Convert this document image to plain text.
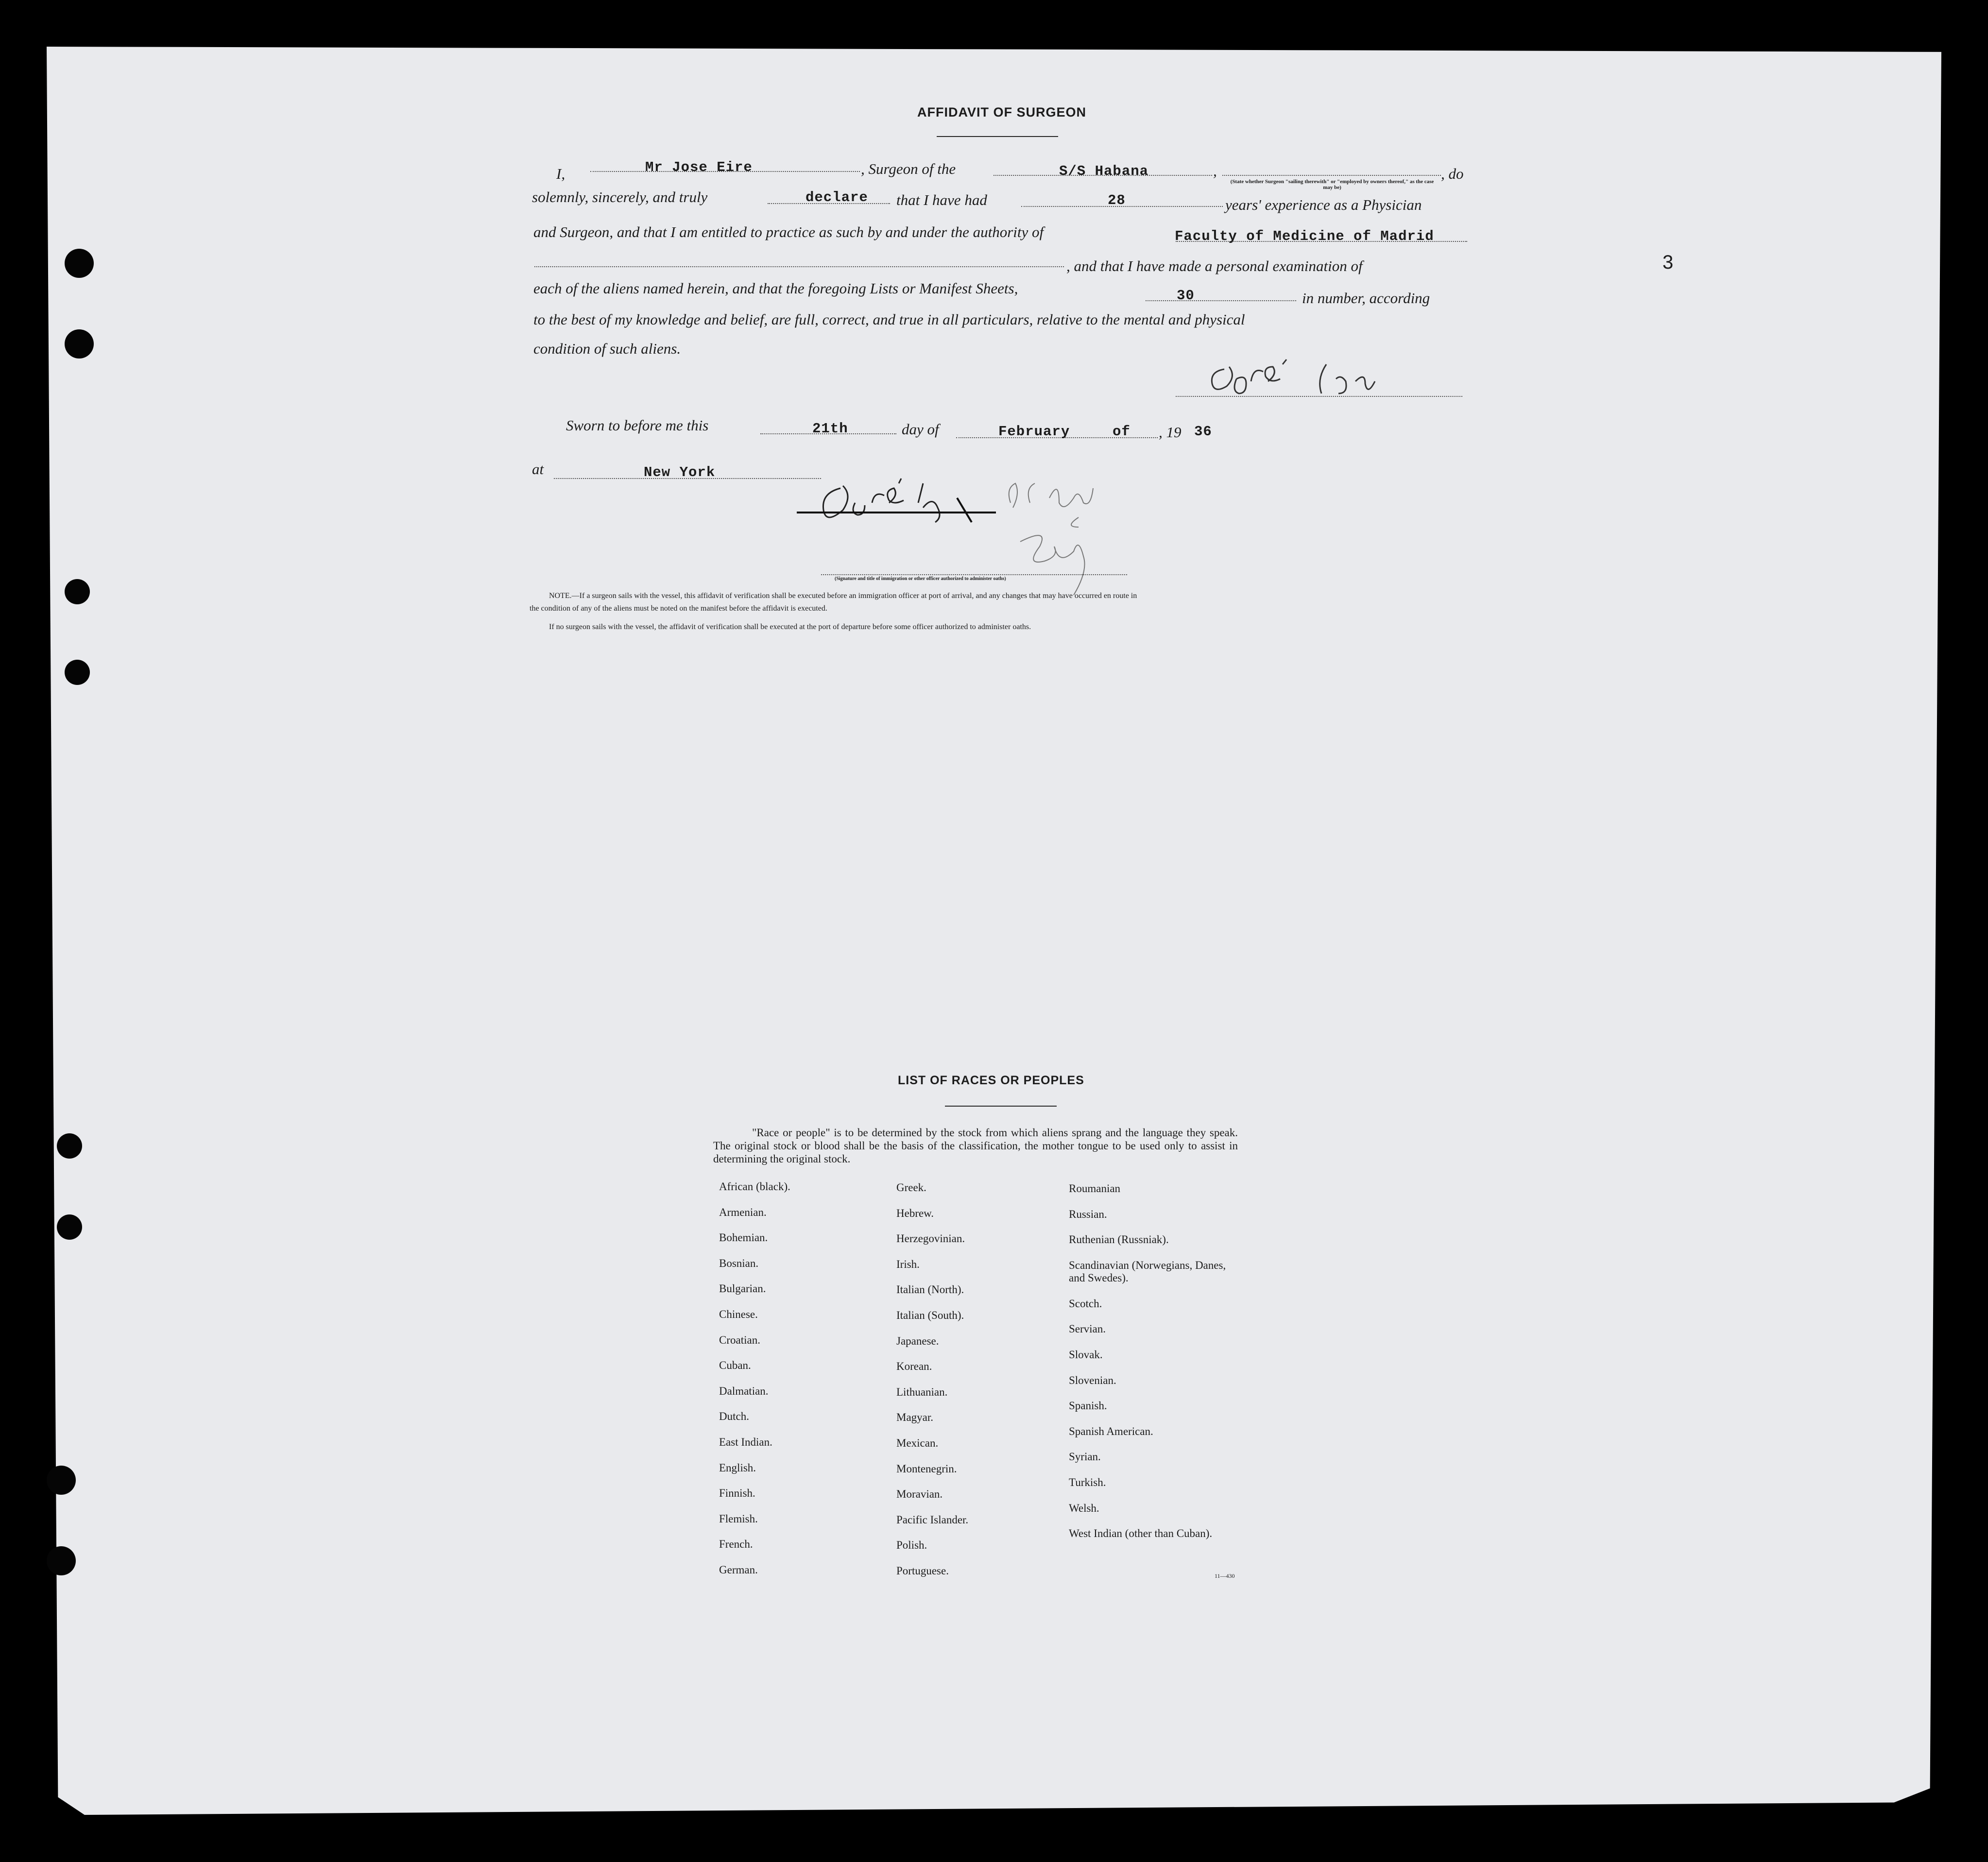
AFFIDAVIT OF SURGEON
I,	Mr Jose Eire	, Surgeon of the	S/S Habana	,
(State whether Surgeon "sailing therewith" or "employed by owners thereof," as the case may be)
, do
solemnly, sincerely, and truly	declare that I have had	28	years' experience as a Physician
and Surgeon, and that I am entitled to practice as such by and under the authority of	Faculty of Medicine of Madrid
, and that I have made a personal examination of
each of the aliens named herein, and that the foregoing Lists or Manifest Sheets,	30	in number, according
to the best of my knowledge and belief, are full, correct, and true in all particulars, relative to the mental and physical
condition of such aliens.
Sworn to before me this	21th	day of	February	of , 19 36
at	New York
(Signature and title of immigration or other officer authorized to administer oaths)
NOTE.—If a surgeon sails with the vessel, this affidavit of verification shall be executed before an immigration officer at port of arrival, and any changes that may have occurred en route in
the condition of any of the aliens must be noted on the manifest before the affidavit is executed.
If no surgeon sails with the vessel, the affidavit of verification shall be executed at the port of departure before some officer authorized to administer oaths.
3
LIST OF RACES OR PEOPLES
"Race or people" is to be determined by the stock from which aliens sprang and the language they speak. The original stock or blood shall be the basis of the classification, the mother tongue to be used only to assist in determining the original stock.
African (black).
Armenian.
Bohemian.
Bosnian.
Bulgarian.
Chinese.
Croatian.
Cuban.
Dalmatian.
Dutch.
East Indian.
English.
Finnish.
Flemish.
French.
German.
Greek.
Hebrew.
Herzegovinian.
Irish.
Italian (North).
Italian (South).
Japanese.
Korean.
Lithuanian.
Magyar.
Mexican.
Montenegrin.
Moravian.
Pacific Islander.
Polish.
Portuguese.
Roumanian
Russian.
Ruthenian (Russniak).
Scandinavian (Norwegians, Danes, and Swedes).
Scotch.
Servian.
Slovak.
Slovenian.
Spanish.
Spanish American.
Syrian.
Turkish.
Welsh.
West Indian (other than Cuban).
11—430
